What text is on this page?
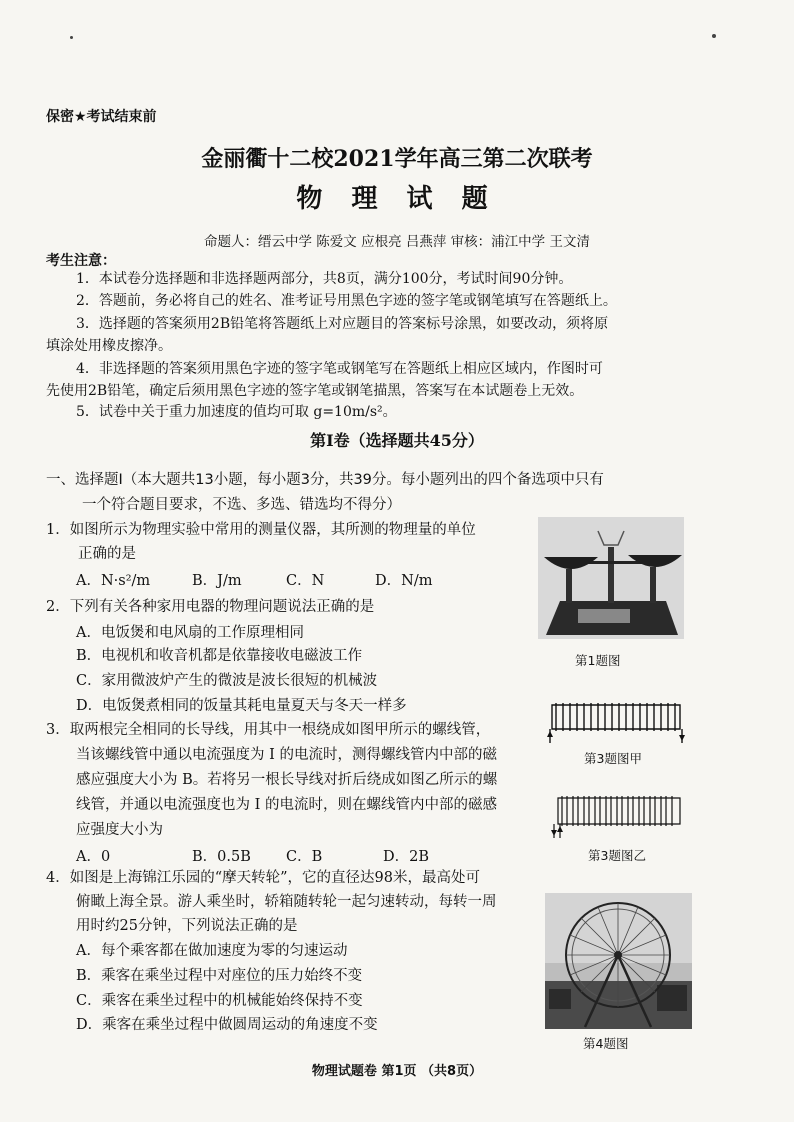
保密★考试结束前
金丽衢十二校2021学年高三第二次联考
物 理 试 题
命题人：缙云中学 陈爱文 应根亮 吕燕萍 审核：浦江中学 王文清
考生注意：
1．本试卷分选择题和非选择题两部分，共8页，满分100分，考试时间90分钟。
2．答题前，务必将自己的姓名、准考证号用黑色字迹的签字笔或钢笔填写在答题纸上。
3．选择题的答案须用2B铅笔将答题纸上对应题目的答案标号涂黑，如要改动，须将原
填涂处用橡皮擦净。
4．非选择题的答案须用黑色字迹的签字笔或钢笔写在答题纸上相应区域内，作图时可
先使用2B铅笔，确定后须用黑色字迹的签字笔或钢笔描黑，答案写在本试题卷上无效。
5．试卷中关于重力加速度的值均可取 g=10m/s²。
第Ⅰ卷（选择题共45分）
一、选择题Ⅰ（本大题共13小题，每小题3分，共39分。每小题列出的四个备选项中只有
一个符合题目要求，不选、多选、错选均不得分）
1．如图所示为物理实验中常用的测量仪器，其所测的物理量的单位
正确的是
A．N·s²/m	B．J/m	C．N	D．N/m
第1题图
2．下列有关各种家用电器的物理问题说法正确的是
A．电饭煲和电风扇的工作原理相同
B．电视机和收音机都是依靠接收电磁波工作
C．家用微波炉产生的微波是波长很短的机械波
D．电饭煲煮相同的饭量其耗电量夏天与冬天一样多
3．取两根完全相同的长导线，用其中一根绕成如图甲所示的螺线管，
当该螺线管中通以电流强度为 I 的电流时，测得螺线管内中部的磁
感应强度大小为 B。若将另一根长导线对折后绕成如图乙所示的螺
线管，并通以电流强度也为 I 的电流时，则在螺线管内中部的磁感
应强度大小为
A．0	B．0.5B C．B	D．2B
第3题图甲
第3题图乙
4．如图是上海锦江乐园的“摩天转轮”，它的直径达98米，最高处可
俯瞰上海全景。游人乘坐时，轿箱随转轮一起匀速转动，每转一周
用时约25分钟，下列说法正确的是
A．每个乘客都在做加速度为零的匀速运动
B．乘客在乘坐过程中对座位的压力始终不变
C．乘客在乘坐过程中的机械能始终保持不变
D．乘客在乘坐过程中做圆周运动的角速度不变
第4题图
物理试题卷 第1页 （共8页）
